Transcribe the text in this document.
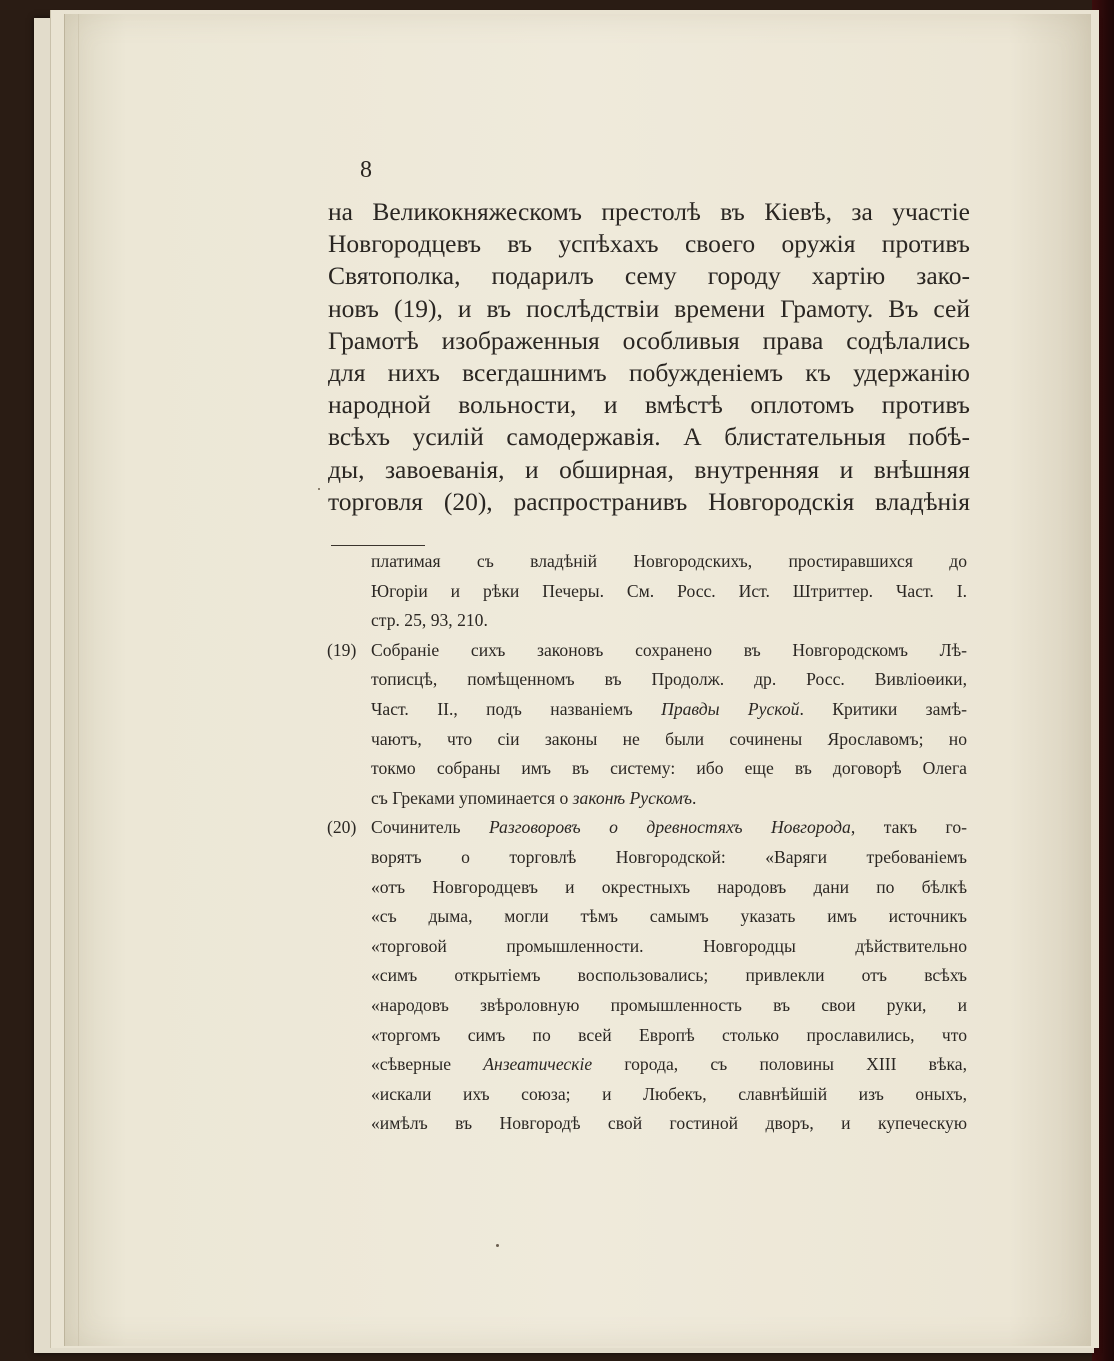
8
на Великокняжескомъ престолѣ въ Кіевѣ, за участіе
Новгородцевъ въ успѣхахъ своего оружія противъ
Святополка, подарилъ сему городу хартію зако-
новъ (19), и въ послѣдствіи времени Грамоту. Въ сей
Грамотѣ изображенныя особливыя права содѣлались
для нихъ всегдашнимъ побужденіемъ къ удержанію
народной вольности, и вмѣстѣ оплотомъ противъ
всѣхъ усилій самодержавія. А блистательныя побѣ-
ды, завоеванія, и обширная, внутренняя и внѣшняя
торговля (20), распространивъ Новгородскія владѣнія
платимая съ владѣній Новгородскихъ, простиравшихся до
Югоріи и рѣки Печеры. См. Росс. Ист. Штриттер. Част. I.
стр. 25, 93, 210.
(19) Собраніе сихъ законовъ сохранено въ Новгородскомъ Лѣ-
тописцѣ, помѣщенномъ въ Продолж. др. Росс. Вивліоѳики,
Част. II., подъ названіемъ Правды Руской. Критики замѣ-
чаютъ, что сіи законы не были сочинены Ярославомъ; но
токмо собраны имъ въ систему: ибо еще въ договорѣ Олега
съ Греками упоминается о законѣ Рускомъ.
(20) Сочинитель Разговоровъ о древностяхъ Новгорода, такъ го-
ворятъ о торговлѣ Новгородской: «Варяги требованіемъ
«отъ Новгородцевъ и окрестныхъ народовъ дани по бѣлкѣ
«съ дыма, могли тѣмъ самымъ указать имъ источникъ
«торговой промышленности. Новгородцы дѣйствительно
«симъ открытіемъ воспользовались; привлекли отъ всѣхъ
«народовъ звѣроловную промышленность въ свои руки, и
«торгомъ симъ по всей Европѣ столько прославились, что
«сѣверные Анзеатическіе города, съ половины XIII вѣка,
«искали ихъ союза; и Любекъ, славнѣйшій изъ оныхъ,
«имѣлъ въ Новгородѣ свой гостиной дворъ, и купеческую
